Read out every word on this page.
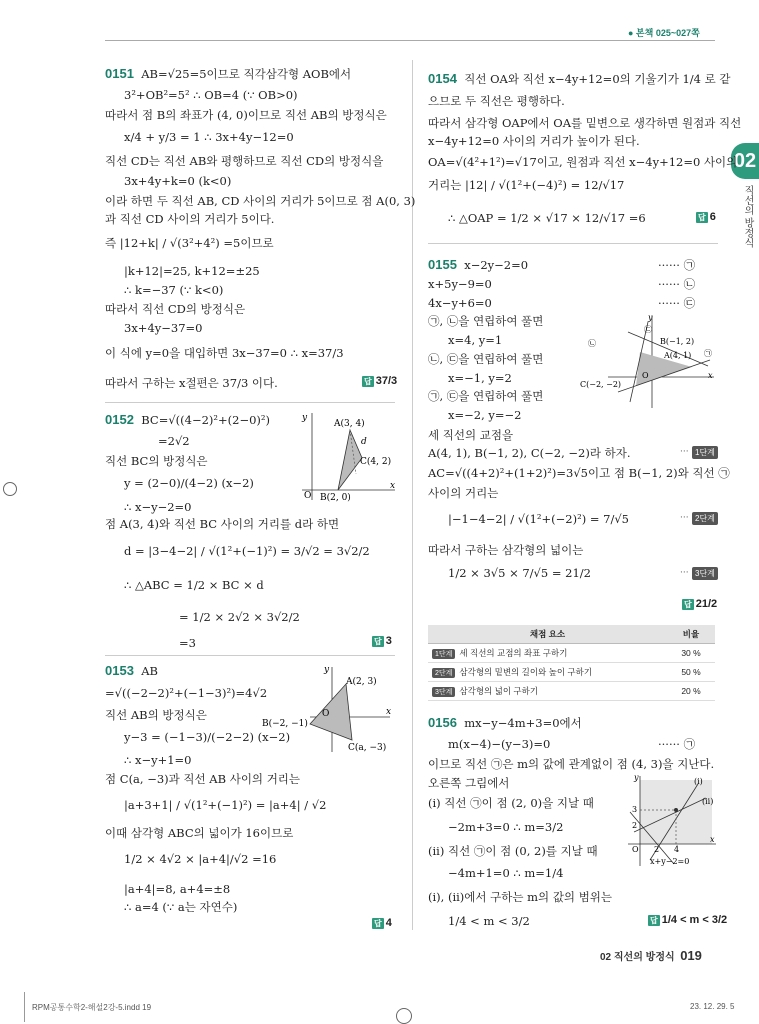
● 본책 025~027쪽
02
직선의 방정식
0151 AB=√25=5이므로 직각삼각형 AOB에서
3²+OB²=5² ∴ OB=4 (∵ OB>0)
따라서 점 B의 좌표가 (4, 0)이므로 직선 AB의 방정식은
x/4 + y/3 = 1 ∴ 3x+4y−12=0
직선 CD는 직선 AB와 평행하므로 직선 CD의 방정식을
3x+4y+k=0 (k<0)
이라 하면 두 직선 AB, CD 사이의 거리가 5이므로 점 A(0, 3)
과 직선 CD 사이의 거리가 5이다.
즉 |12+k| / √(3²+4²) =5이므로
|k+12|=25, k+12=±25
∴ k=−37 (∵ k<0)
따라서 직선 CD의 방정식은
3x+4y−37=0
이 식에 y=0을 대입하면 3x−37=0 ∴ x=37/3
따라서 구하는 x절편은 37/3 이다.	답 37/3
0152 BC=√((4−2)²+(2−0)²)
=2√2
직선 BC의 방정식은
y = (2−0)/(4−2) (x−2)
∴ x−y−2=0
점 A(3, 4)와 직선 BC 사이의 거리를 d라 하면
d = |3−4−2| / √(1²+(−1)²) = 3/√2 = 3√2/2
∴ △ABC = 1/2 × BC × d
= 1/2 × 2√2 × 3√2/2
=3	답 3
O
x
y
A(3, 4)
C(4, 2)
B(2, 0)
d
0153 AB
=√((−2−2)²+(−1−3)²)=4√2
직선 AB의 방정식은
y−3 = (−1−3)/(−2−2) (x−2)
∴ x−y+1=0
점 C(a, −3)과 직선 AB 사이의 거리는
|a+3+1| / √(1²+(−1)²) = |a+4| / √2
이때 삼각형 ABC의 넓이가 16이므로
1/2 × 4√2 × |a+4|/√2 =16
|a+4|=8, a+4=±8
∴ a=4 (∵ a는 자연수)
답 4
O	x
y
A(2, 3)
B(−2, −1)
C(a, −3)
0154 직선 OA와 직선 x−4y+12=0의 기울기가 1/4 로 같
으므로 두 직선은 평행하다.
따라서 삼각형 OAP에서 OA를 밑변으로 생각하면 원점과 직선
x−4y+12=0 사이의 거리가 높이가 된다.
OA=√(4²+1²)=√17이고, 원점과 직선 x−4y+12=0 사이의
거리는 |12| / √(1²+(−4)²) = 12/√17
∴ △OAP = 1/2 × √17 × 12/√17 =6	답 6
0155 x−2y−2=0	······ ㉠
x+5y−9=0	······ ㉡
4x−y+6=0	······ ㉢
㉠, ㉡을 연립하여 풀면
x=4, y=1
㉡, ㉢을 연립하여 풀면
x=−1, y=2
㉠, ㉢을 연립하여 풀면
x=−2, y=−2
세 직선의 교점을
A(4, 1), B(−1, 2), C(−2, −2)라 하자.	··· 1단계
AC=√((4+2)²+(1+2)²)=3√5이고 점 B(−1, 2)와 직선 ㉠
사이의 거리는
|−1−4−2| / √(1²+(−2)²) = 7/√5	··· 2단계
따라서 구하는 삼각형의 넓이는
1/2 × 3√5 × 7/√5 = 21/2	··· 3단계
답 21/2
y
x
㉢
㉡
㉠
B(−1, 2)
A(4, 1)
C(−2, −2)
O
채점 요소	비율
1단계 세 직선의 교점의 좌표 구하기	30 %
2단계 삼각형의 밑변의 길이와 높이 구하기	50 %
3단계 삼각형의 넓이 구하기	20 %
0156 mx−y−4m+3=0에서
m(x−4)−(y−3)=0	······ ㉠
이므로 직선 ㉠은 m의 값에 관계없이 점 (4, 3)을 지난다.
오른쪽 그림에서
(i) 직선 ㉠이 점 (2, 0)을 지날 때
−2m+3=0 ∴ m=3/2
(ii) 직선 ㉠이 점 (0, 2)를 지날 때
−4m+1=0 ∴ m=1/4
(i), (ii)에서 구하는 m의 값의 범위는
1/4 < m < 3/2	답 1/4 < m < 3/2
y
x
(i)
(ii)
3
2
O 2 4
x+y−2=0
02 직선의 방정식 019
RPM공통수학2-해설2강-5.indd 19	23. 12. 29. 5
